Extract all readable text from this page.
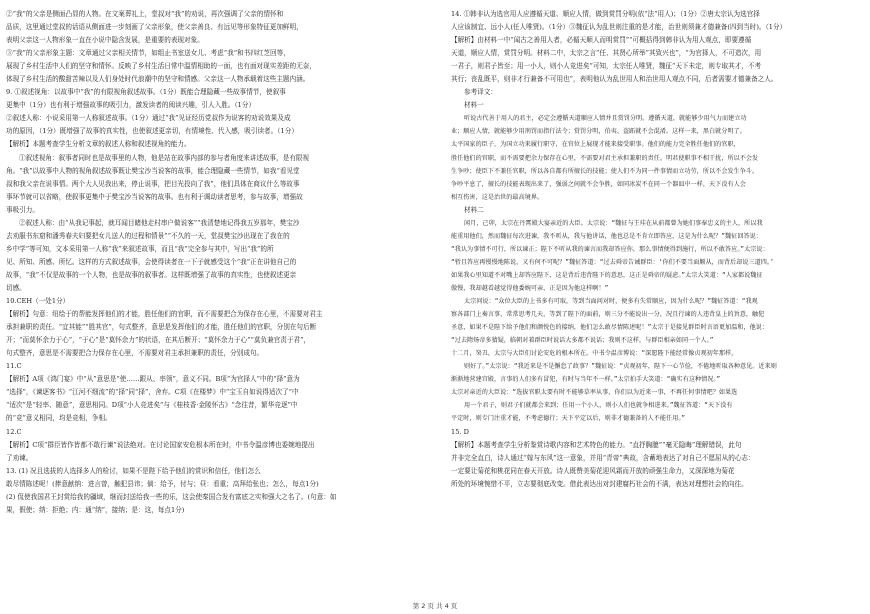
②“我”的父亲是侧面凸显的人物。在文案葬礼上，堂叔对“我”的劝说，再次强调了父亲的情怀和

品质，这里通过堂叔的话语从侧面进一步刻画了父亲形象，使父亲善良、有远见等形象特征更加鲜明，

表明父亲这一人物形象一直在小说中隐含发展，是重要的表现对象。

③“我”的父亲形象主题：文章通过父亲相关情节，如组止书室送女儿、考虑“我”和书四红芝回等，

展现了乡村生活中人们的坚守和情怀。反映了乡村生活日常中温情相助的一面，也有面对现实差距的无奈，

体现了乡村生活的酸甜苦辣以及人们身处时代浪潮中的坚守和情感。父亲这一人物承载着这些主题内涵。

9. ①叙述视角：以故事中“我”的有限视角叙述故事。（1分）既能合理隐藏一些故事情节，使叙事

更集中（1分）也有利于增强故事的吸引力，激发读者的阅读兴趣，引人入胜。（1分）

②叙述人称：小说采用第一人称叙述故事。（1分）通过“我”见证经历党叔作为说客的劝说效果及成

功的原因，（1分）既增强了故事的真实性，也使叙述更亲切，有情境性、代入感，吸引读者。（1分）

【解析】本题考查学生分析文章的叙述人称和叙述视角的能力。

①叙述视角：叙事者同时也是故事里的人物，他是站在故事内部的参与者角度来讲述故事，是有限视

角。“我”以故事中人物的视角叙述故事既让樊宝沙当说客的故事，能合理隐藏一些情节，如我“看见堂

叔和我父亲在说事情。两个大人见我出来，停止说事，把目光投向了我”，他们具体在商议什么等故事

事环节就可以省略，使叙事更集中于樊宝沙当说客的故事。也有利于调动读者思考，参与故事，增强故

事吸引力。

②叙述人称：由“从我记事起，就耳闻目睹他走村串户做说客”“我清楚地记得我五岁那年，樊宝沙

去劝服书东窟和潘秀春夫妇要把女儿送人的过程和情景”“不久的一天，堂叔樊宝沙出现在了我在的

乡中学”等可知，文本采用第一人称“我”来叙述故事，而且“我”完全参与其中，写出“我”的所

见、所知、所感、所忆。这样的方式叙述故事，会使得读者在一下子就感受这个“我”正在讲他自己的

故事，“我”不仅是故事的一个人物，也是故事的叙事者。这样既增强了故事的真实性，也使叙述更亲

切感。

10.CEH（一处1分）

【解析】句意：纽绘于的帮能发挥他们的才能，胜任他们的官职，而不需要把合为保存在心里，不需要对君主

承担兼职的责任。“宜其能”“胜其官”，句式整齐，意思是发挥他们的才能，胜任他们的官职，分别在句后断

开；“而莫怀余力于心”，“于心”是“莫怀余力”的状语，在其后断开；“莫怀余力于心”“莫负兼官责于君”，

句式整齐，意思是不需要把合力保存在心里，不需要对君主承担兼职的责任，分别成句。

11.C

【解析】A项《鸿门宴》中“从”意思是“使……跟从、率领”，意义不同。B项“为官择人”中的“择”意为

“选择”，《谏逐客书》“江河不细流”的“择”同“择”，舍弃。C项《在楼梦》中“宝玉自如说得适次了”中

“适次”是“轻率、随意”，意思相同。D项“小人竞进矣”与《桂枝香·金陵怀古》“念往昔，繁华竞逐”中

的“竞”意义相同，均是竞相，争相。

12.C

【解析】C项“群臣皆作皆都不敢行谏”说法绝对。在讨论国家安危根本所在时，中书令温彦博也委婉地提出

了劝谏。

13. (1) 况且选拔的人选择多人的检讨，如果不是陛下给予他们的赏识和信任，他们怎么

敢尽情陈述呢！(捧意献纳：进言曾，触犯县讳；倘：给予，付与；昼：看重；高拜给张也；怎么，每点1分)

(2) 侃使我国君王封赏给我的疆域，继而封送给我一些的乐，这会使秦国合发有富底之实和强大之名了。(句意：如

果，假使；纳：拒绝；内：通“纳”，接纳；是：这，每点1分)

14. ①韩非认为选官用人应遵循天道、顺应人情，做到赏罚分明(依“法”用人)；（1分）②唐太宗认为选官择

人应该制宜、远小人(任人唯贤)。（1分）③魏征认为乱世则注重的是才能，治世则须兼才德兼备(四到当时)。（1分）

【解析】由材料一中“闻古之善用人者，必循天顺人而明赏罚”“可概括得到韩非认为用人观点，即要遵循

天道，顺应人情，赏罚分明。材料二中，太宗之言“任、其贤心所举”其致兴也”，“为官择人，不可造次，用

一君子，则君子皆至；用一小人，则小人竞进矣”可知，太宗任人唯贤，魏征“天下未定，则专取其才，不考

其行；丧乱既平，则非才行兼备不可用也”，表明他认为乱世用人和治世用人观点不同，后者需要才德兼备之人。

参考译文：

材料一

听说古代善于用人的君主，必定会遵循天道顺应人情并且赏罚分明。遵循天道，就能够少用气力而建立功

业；顺应人情，就能够少用刑罚而指行法令；赏罚分明，伯夷、盗跖就不会混淆。这样一来，黑白就分明了。

太平国家的臣子，为国立功来履行职守，在官位上展现才能来接受职事。他们的能力完全胜任他们的官职，

胜任他们的官职，而不需要把余力保存在心里，不需要对君主承担兼职的责任。明君使职事不相干扰，所以不会发

生争吵；使臣下不兼任官职，所以各自都有所擅长的技能；使人们不为同一件事情而立功劳，所以不会发生争斗。

争吵平息了，擅长的技能表现出来了，强弱之间就不会争胜，如同冰炭不在同一个器皿中一样，天下没有人会

相互伤害，这是治世的最高境界。

材料二

闲月，己卯，太宗在丹霄殿大宴亲近的大臣。太宗说：“魏征与王珪在从前都曾为她们事奉忠义的主人，所以我

能重用他们，然而魏征每次进谏，我不听从，我与他讲话，他也总是不肯立即答应，这是为什么呢？”魏征回答说：

“我认为事情不可行，所以谏正；陛下不听从我的谏言而我却答应你，那么事情便得到施行，所以不敢答应。”太宗说：

“暂且答应再慢慢地陈说，又有何不可呢？”魏征答道：“过去舜帝告诫群臣：‘你们不要当面顺从，而背后却说三道四。’

如果我心里知道不对嘴上却答应陛下，这是背后违背陛下的意思，这正是舜帝的疑虑。”太宗大笑道：“人家都说魏征

傲慢，我却越看越觉得他委婉可亲，正是因为他这样啊！”

太宗问说：“众位大臣的上书多有可取，等到当面问对时，便多有失常顺应，因为什么呢？”魏征答道：“我观

察各部门上奏言事，常常思考几天，等到了陛下的面前，则三分不能说出一分，况且行谏的人违背皇上的旨意，触犯

圣意，如果不是陛下给予他们和颜悦色的接纳，他们怎么敢尽情陈述呢！”太宗于是接见群臣时言语更加温和，他说：

“过去隋炀帝多猜疑，临朝对着群臣时说话大多都不说话；我则不这样，与群臣相亲如同一个人。”

十二月，癸丑，太宗与大臣们讨论安危的根本所在。中书令温彦博说：“深愿陛下能经常像贞观初年那样，

则好了。”太宗说：“我近来是不是懈怠了政事？”魏征说：“贞观初年，陛下一心节俭，不倦地听取各种意见。近来则

渐渐地营建宫殿，言事的人们多有冒犯，有时与当年不一样。”太宗拍手大笑道：“确实有这种情况。”

太宗对亲近的大臣说：“选拔官职太要有时不能够草率从事，你们以为近来一事，不再任何事情吧？如果选

用一个君子，则君子们就都会来到；任用一个小人，则小人们也就争相进来。”魏征答道：“天下没有

平定时，则专门注重才能，不考虑德行；天下平定以后，则非才德兼备的人不能任用。”

15. D

【解析】本题考查学生分析鉴赏诗歌内容和艺术特色的能力。“直抒胸臆”“毫无隐晦”理解错误，此句

并非完全直白，诗人通过“嫁与东风”这一意象，并用“青帝”典故，含蓄地表达了对自己不愿屈从的心志：

一定要让菊花和桃花同在春天开放。诗人既赞美菊花迎风霜而开放的顽强生命力，又深深地为菊花

所处的环境惋惜不平，立志要彻底改变。借此表达出对封建腐朽社会的不满，表达对理想社会的向往。

第 2 页 共 4 页
